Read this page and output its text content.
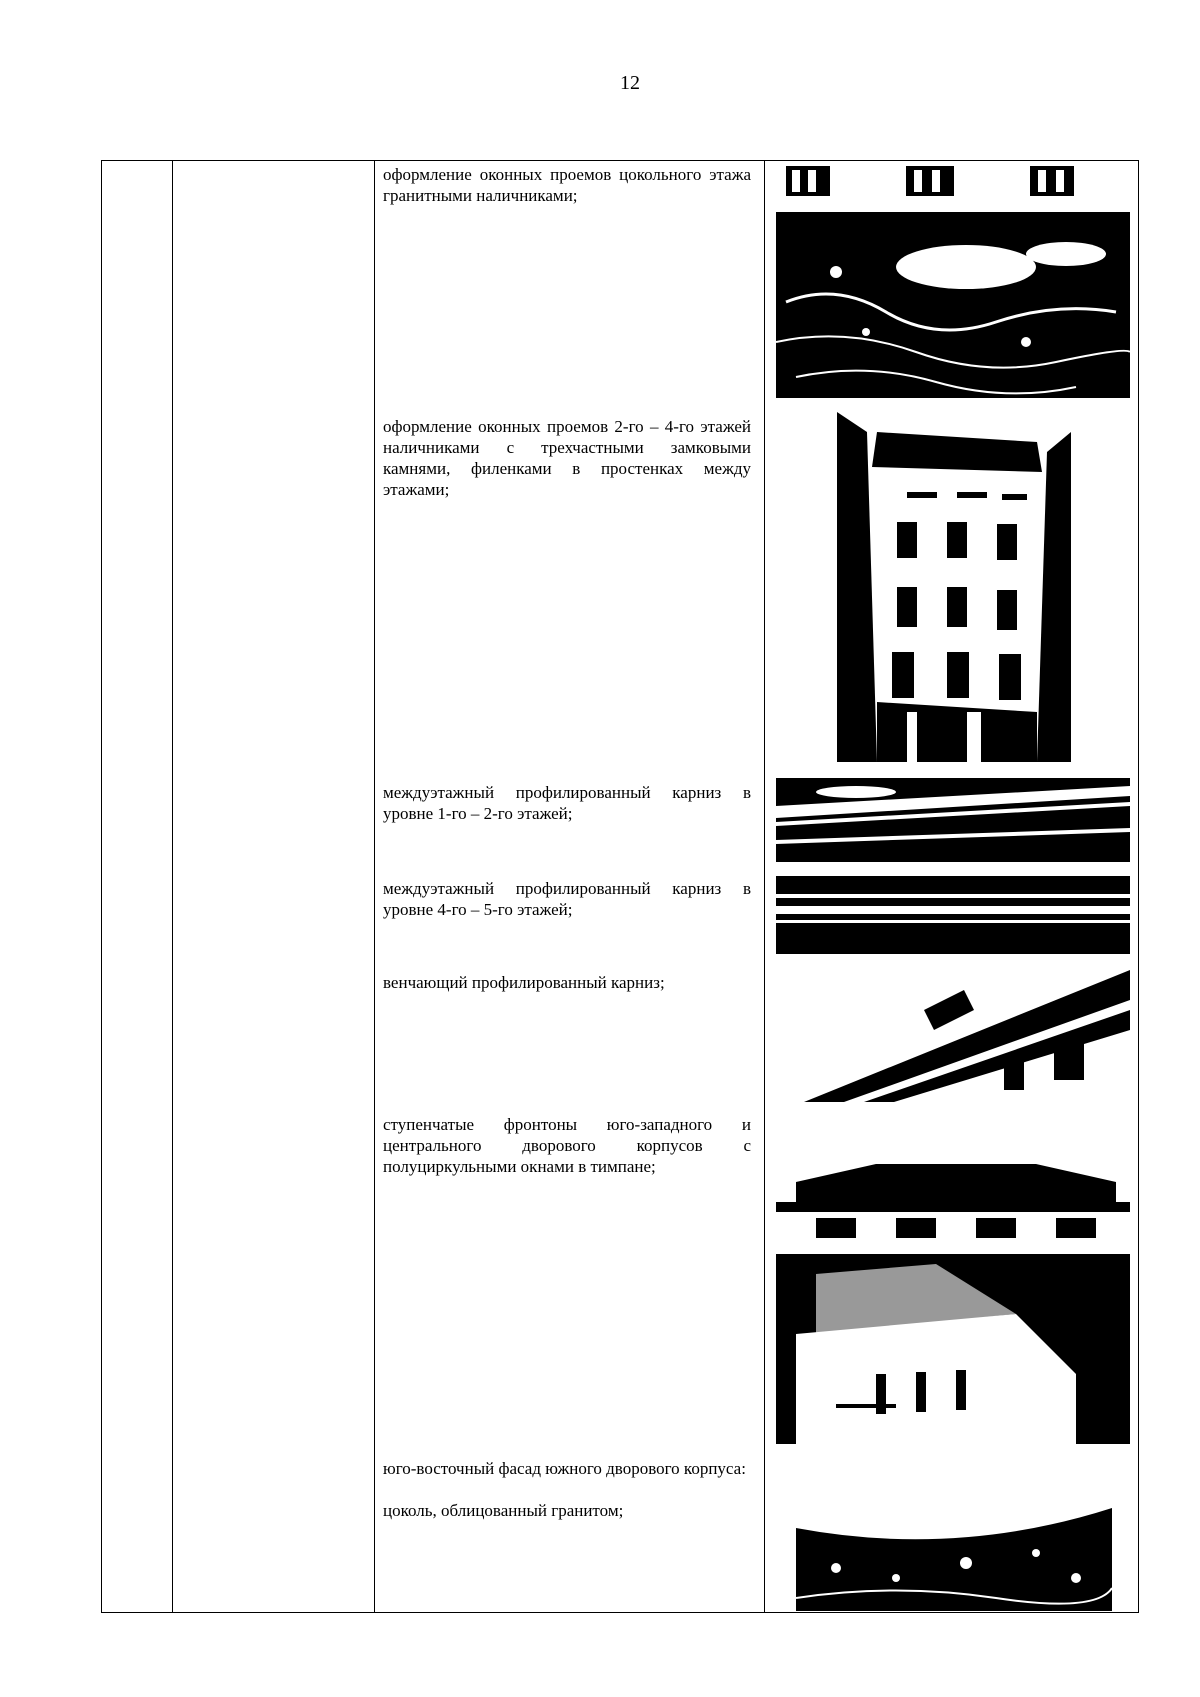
12

оформление оконных проемов цокольного этажа гранитными наличниками;

оформление оконных проемов 2-го – 4-го этажей наличниками с трехчастными замковыми камнями, филенками в простенках между этажами;

междуэтажный профилированный карниз в уровне 1-го – 2-го этажей;

междуэтажный профилированный карниз в уровне 4-го – 5-го этажей;

венчающий профилированный карниз;

ступенчатые фронтоны юго-западного и центрального дворового корпусов с полуциркульными окнами в тимпане;

юго-восточный фасад южного дворового корпуса:

цоколь, облицованный гранитом;
